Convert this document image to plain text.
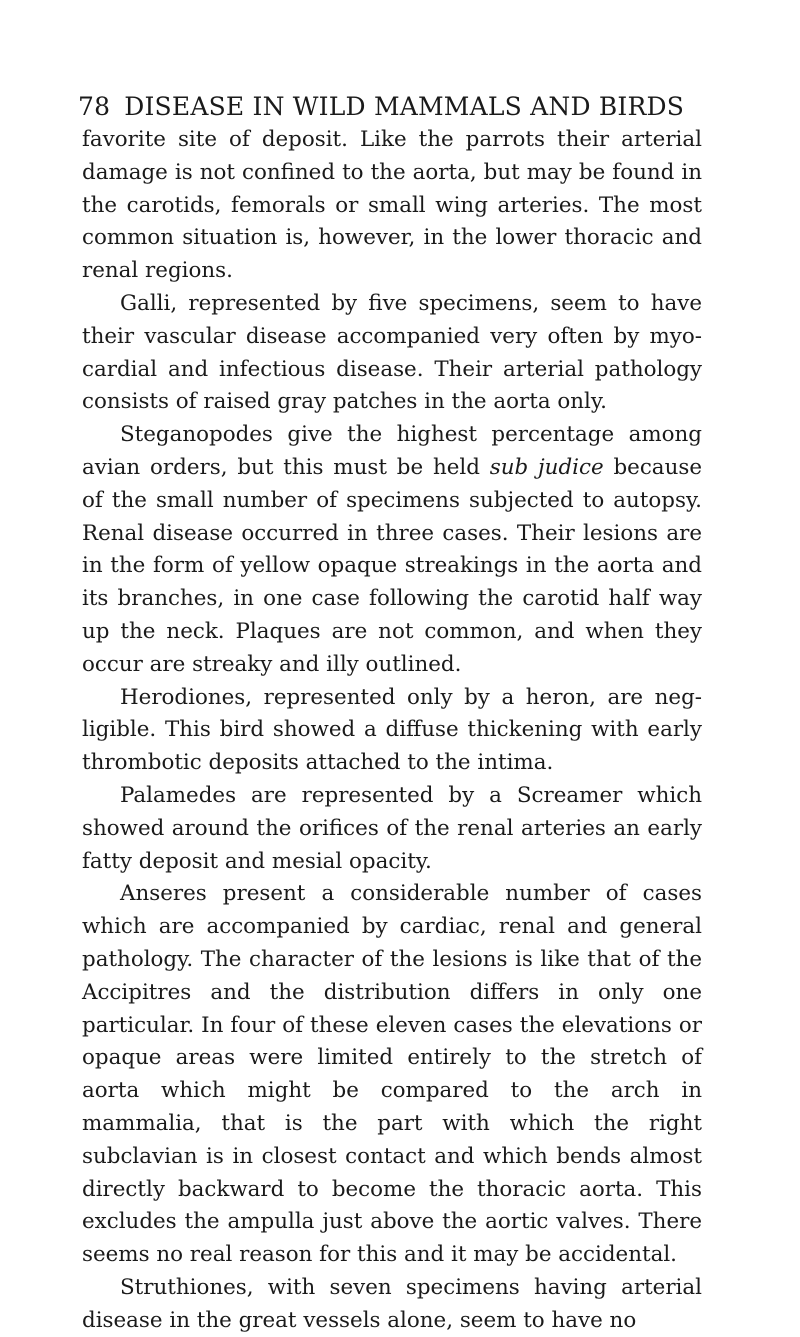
78 DISEASE IN WILD MAMMALS AND BIRDS

favorite site of deposit. Like the parrots their arterial damage is not confined to the aorta, but may be found in the carotids, femorals or small wing arteries. The most common situation is, however, in the lower thoracic and renal regions.

Galli, represented by five specimens, seem to have their vascular disease accompanied very often by myo-cardial and infectious disease. Their arterial pathology consists of raised gray patches in the aorta only.

Steganopodes give the highest percentage among avian orders, but this must be held sub judice because of the small number of specimens subjected to autopsy. Renal disease occurred in three cases. Their lesions are in the form of yellow opaque streakings in the aorta and its branches, in one case following the carotid half way up the neck. Plaques are not common, and when they occur are streaky and illy outlined.

Herodiones, represented only by a heron, are neg-ligible. This bird showed a diffuse thickening with early thrombotic deposits attached to the intima.

Palamedes are represented by a Screamer which showed around the orifices of the renal arteries an early fatty deposit and mesial opacity.

Anseres present a considerable number of cases which are accompanied by cardiac, renal and general pathology. The character of the lesions is like that of the Accipitres and the distribution differs in only one particular. In four of these eleven cases the elevations or opaque areas were limited entirely to the stretch of aorta which might be compared to the arch in mammalia, that is the part with which the right subclavian is in closest contact and which bends almost directly backward to become the thoracic aorta. This excludes the ampulla just above the aortic valves. There seems no real reason for this and it may be accidental.

Struthiones, with seven specimens having arterial disease in the great vessels alone, seem to have no
